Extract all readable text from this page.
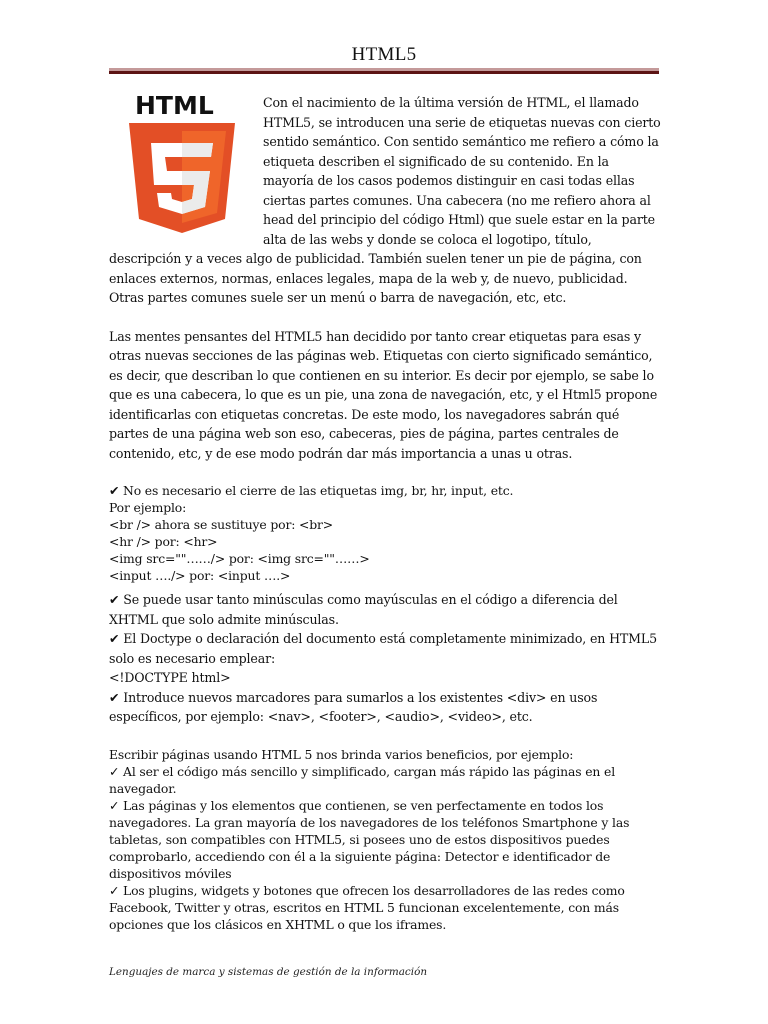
HTML5
HTML	Con el nacimiento de la última versión de HTML, el llamado HTML5, se introducen una serie de etiquetas nuevas con cierto sentido semántico. Con sentido semántico me refiero a cómo la etiqueta describen el significado de su contenido. En la mayoría de los casos podemos distinguir en casi todas ellas ciertas partes comunes. Una cabecera (no me refiero ahora al head del principio del código Html) que suele estar en la parte alta de las webs y donde se coloca el logotipo, título, descripción y a veces algo de publicidad. También suelen tener un pie de página, con enlaces externos, normas, enlaces legales, mapa de la web y, de nuevo, publicidad. Otras partes comunes suele ser un menú o barra de navegación, etc, etc.

Las mentes pensantes del HTML5 han decidido por tanto crear etiquetas para esas y otras nuevas secciones de las páginas web. Etiquetas con cierto significado semántico, es decir, que describan lo que contienen en su interior. Es decir por ejemplo, se sabe lo que es una cabecera, lo que es un pie, una zona de navegación, etc, y el Html5 propone identificarlas con etiquetas concretas. De este modo, los navegadores sabrán qué partes de una página web son eso, cabeceras, pies de página, partes centrales de contenido, etc, y de ese modo podrán dar más importancia a unas u otras.

✔ No es necesario el cierre de las etiquetas img, br, hr, input, etc.
Por ejemplo:
<br /> ahora se sustituye por: <br>
<hr /> por: <hr>
<img src=""……/> por: <img src=""……>
<input …./> por: <input ….>
✔ Se puede usar tanto minúsculas como mayúsculas en el código a diferencia del XHTML que solo admite minúsculas.
✔ El Doctype o declaración del documento está completamente minimizado, en HTML5 solo es necesario emplear:
<!DOCTYPE html>
✔ Introduce nuevos marcadores para sumarlos a los existentes <div> en usos específicos, por ejemplo: <nav>, <footer>, <audio>, <video>, etc.
Escribir páginas usando HTML 5 nos brinda varios beneficios, por ejemplo:
✓ Al ser el código más sencillo y simplificado, cargan más rápido las páginas en el navegador.
✓ Las páginas y los elementos que contienen, se ven perfectamente en todos los navegadores. La gran mayoría de los navegadores de los teléfonos Smartphone y las tabletas, son compatibles con HTML5, si posees uno de estos dispositivos puedes comprobarlo, accediendo con él a la siguiente página: Detector e identificador de dispositivos móviles
✓ Los plugins, widgets y botones que ofrecen los desarrolladores de las redes como Facebook, Twitter y otras, escritos en HTML 5 funcionan excelentemente, con más opciones que los clásicos en XHTML o que los iframes.
Lenguajes de marca y sistemas de gestión de la información
